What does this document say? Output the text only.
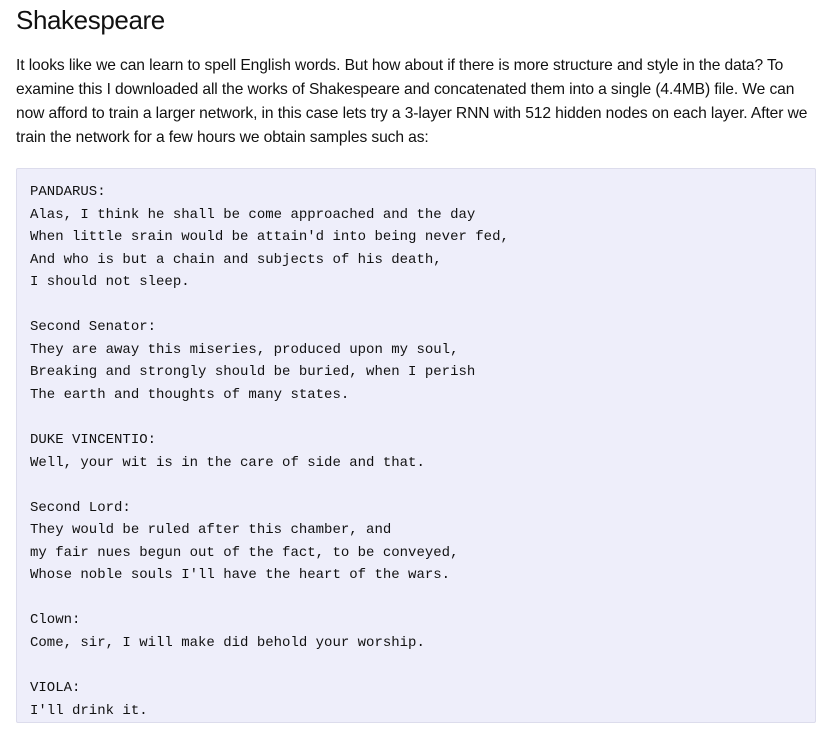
Shakespeare

It looks like we can learn to spell English words. But how about if there is more structure and style in the data? To examine this I downloaded all the works of Shakespeare and concatenated them into a single (4.4MB) file. We can now afford to train a larger network, in this case lets try a 3-layer RNN with 512 hidden nodes on each layer. After we train the network for a few hours we obtain samples such as:

PANDARUS:
Alas, I think he shall be come approached and the day
When little srain would be attain'd into being never fed,
And who is but a chain and subjects of his death,
I should not sleep.
Second Senator:
They are away this miseries, produced upon my soul,
Breaking and strongly should be buried, when I perish
The earth and thoughts of many states.
DUKE VINCENTIO:
Well, your wit is in the care of side and that.
Second Lord:
They would be ruled after this chamber, and
my fair nues begun out of the fact, to be conveyed,
Whose noble souls I'll have the heart of the wars.
Clown:
Come, sir, I will make did behold your worship.
VIOLA:
I'll drink it.
